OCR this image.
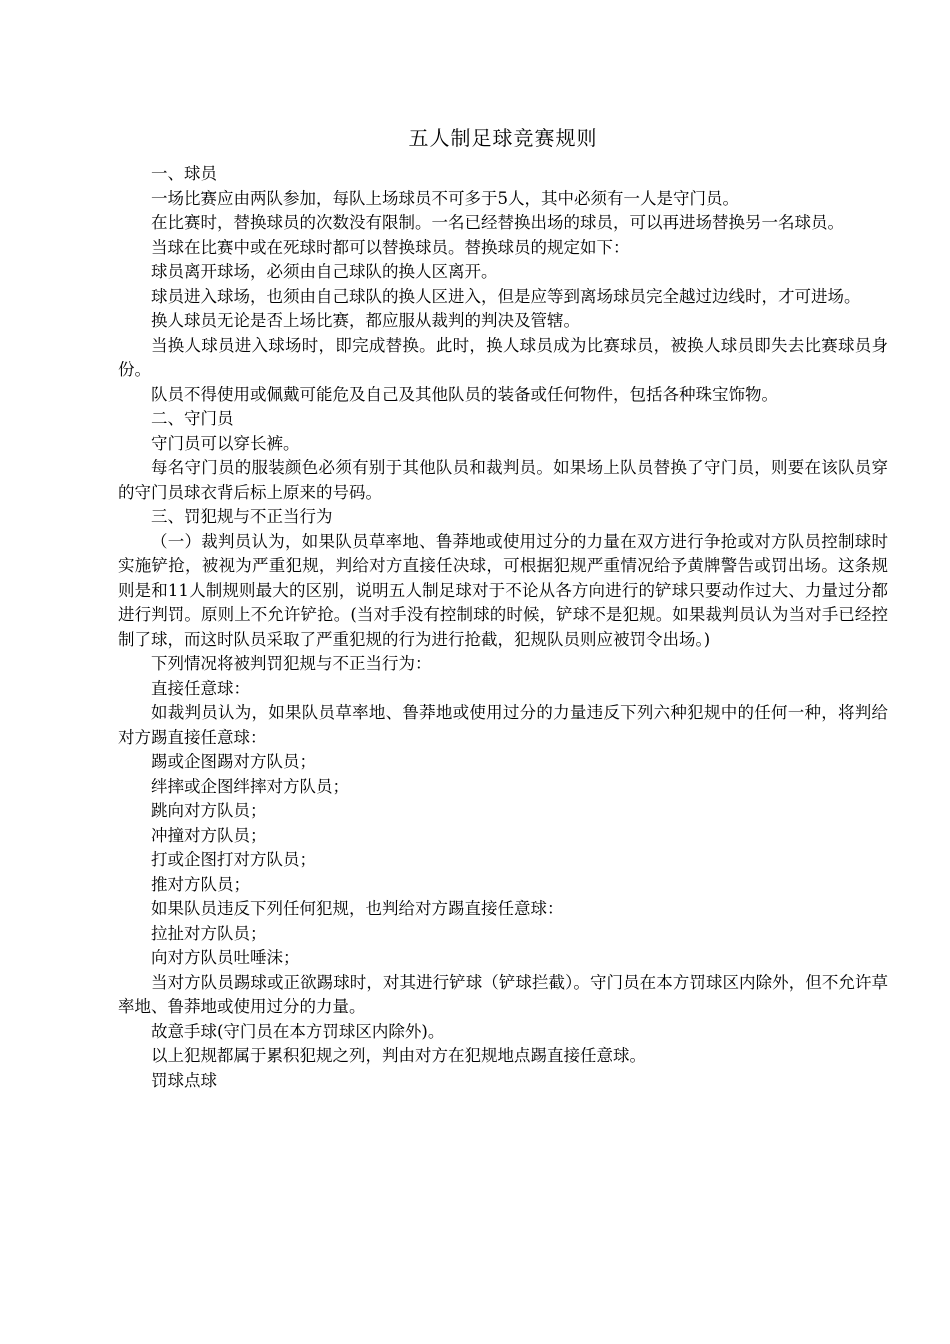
五人制足球竞赛规则

一、球员

一场比赛应由两队参加，每队上场球员不可多于5人，其中必须有一人是守门员。

在比赛时，替换球员的次数没有限制。一名已经替换出场的球员，可以再进场替换另一名球员。

当球在比赛中或在死球时都可以替换球员。替换球员的规定如下：

球员离开球场，必须由自己球队的换人区离开。

球员进入球场，也须由自己球队的换人区进入，但是应等到离场球员完全越过边线时，才可进场。

换人球员无论是否上场比赛，都应服从裁判的判决及管辖。

当换人球员进入球场时，即完成替换。此时，换人球员成为比赛球员，被换人球员即失去比赛球员身份。

队员不得使用或佩戴可能危及自己及其他队员的装备或任何物件，包括各种珠宝饰物。

二、守门员

守门员可以穿长裤。

每名守门员的服装颜色必须有别于其他队员和裁判员。如果场上队员替换了守门员，则要在该队员穿的守门员球衣背后标上原来的号码。

三、罚犯规与不正当行为

（一）裁判员认为，如果队员草率地、鲁莽地或使用过分的力量在双方进行争抢或对方队员控制球时实施铲抢，被视为严重犯规，判给对方直接任决球，可根据犯规严重情况给予黄牌警告或罚出场。这条规则是和11人制规则最大的区别，说明五人制足球对于不论从各方向进行的铲球只要动作过大、力量过分都进行判罚。原则上不允许铲抢。(当对手没有控制球的时候，铲球不是犯规。如果裁判员认为当对手已经控制了球，而这时队员采取了严重犯规的行为进行抢截，犯规队员则应被罚令出场。)

下列情况将被判罚犯规与不正当行为：

直接任意球：

如裁判员认为，如果队员草率地、鲁莽地或使用过分的力量违反下列六种犯规中的任何一种，将判给对方踢直接任意球：

踢或企图踢对方队员；

绊摔或企图绊摔对方队员；

跳向对方队员；

冲撞对方队员；

打或企图打对方队员；

推对方队员；

如果队员违反下列任何犯规，也判给对方踢直接任意球：

拉扯对方队员；

向对方队员吐唾沫；

当对方队员踢球或正欲踢球时，对其进行铲球（铲球拦截）。守门员在本方罚球区内除外，但不允许草率地、鲁莽地或使用过分的力量。

故意手球(守门员在本方罚球区内除外)。

以上犯规都属于累积犯规之列，判由对方在犯规地点踢直接任意球。

罚球点球
